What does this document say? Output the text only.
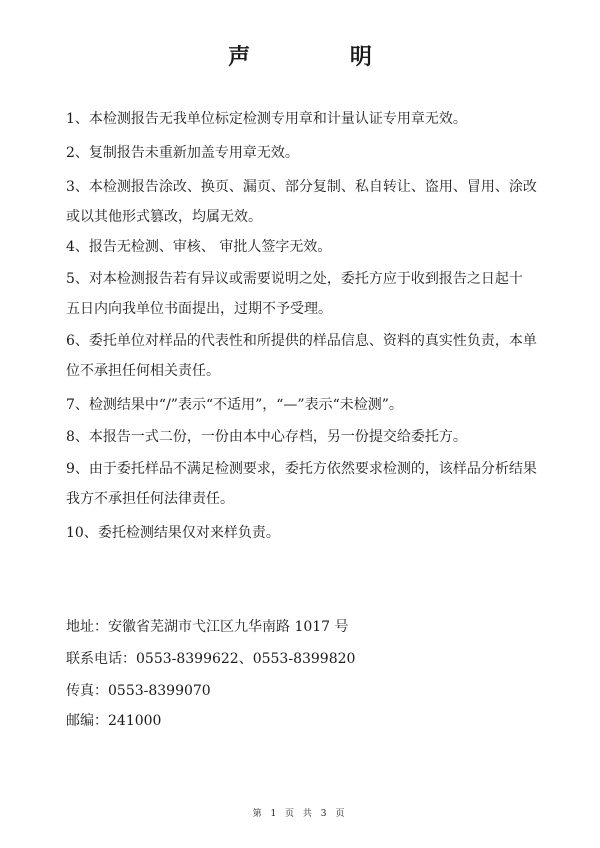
声 明
1、本检测报告无我单位标定检测专用章和计量认证专用章无效。
2、复制报告未重新加盖专用章无效。
3、本检测报告涂改、换页、漏页、部分复制、私自转让、盗用、冒用、涂改
或以其他形式篡改，均属无效。
4、报告无检测、审核、 审批人签字无效。
5、对本检测报告若有异议或需要说明之处，委托方应于收到报告之日起十
五日内向我单位书面提出，过期不予受理。
6、委托单位对样品的代表性和所提供的样品信息、资料的真实性负责，本单
位不承担任何相关责任。
7、检测结果中“/”表示“不适用”，“—”表示“未检测”。
8、本报告一式二份，一份由本中心存档，另一份提交给委托方。
9、由于委托样品不满足检测要求，委托方依然要求检测的，该样品分析结果
我方不承担任何法律责任。
10、委托检测结果仅对来样负责。
地址：安徽省芜湖市弋江区九华南路 1017 号
联系电话：0553-8399622、0553-8399820
传真：0553-8399070
邮编：241000
第 1 页 共 3 页
